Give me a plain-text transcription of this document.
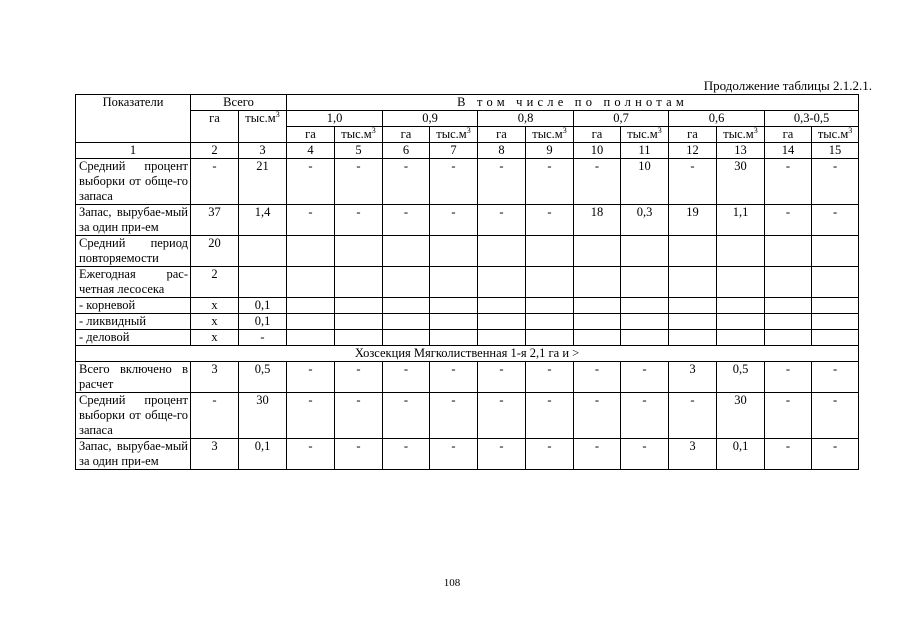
Продолжение таблицы 2.1.2.1.
Показатели	Всего		В том числе по полнотам											
	га	$тыс.м^3$	1,0		0,9		0,8		0,7		0,6		0,3-0,5	
			га	$тыс.м^3$	га	$тыс.м^3$	га	$тыс.м^3$	га	$тыс.м^3$	га	$тыс.м^3$	га	$тыс.м^3$
1	2	3	4	5	6	7	8	9	10	11	12	13	14	15
Средний процент выборки от обще-го запаса	-	21	-	-	-	-	-	-	-	10	-	30	-	-
Запас, вырубае-мый за один при-ем	37	1,4	-	-	-	-	-	-	18	0,3	19	1,1	-	-
Средний период повторяемости	20													
Ежегодная рас-четная лесосека	2													
- корневой	х	0,1												
- ликвидный	х	0,1												
- деловой	х	-												
Хозсекция Мягколиственная 1-я 2,1 га и >														
Всего включено в расчет	3	0,5	-	-	-	-	-	-	-	-	3	0,5	-	-
Средний процент выборки от обще-го запаса	-	30	-	-	-	-	-	-	-	-	-	30	-	-
Запас, вырубае-мый за один при-ем	3	0,1	-	-	-	-	-	-	-	-	3	0,1	-	-
108
